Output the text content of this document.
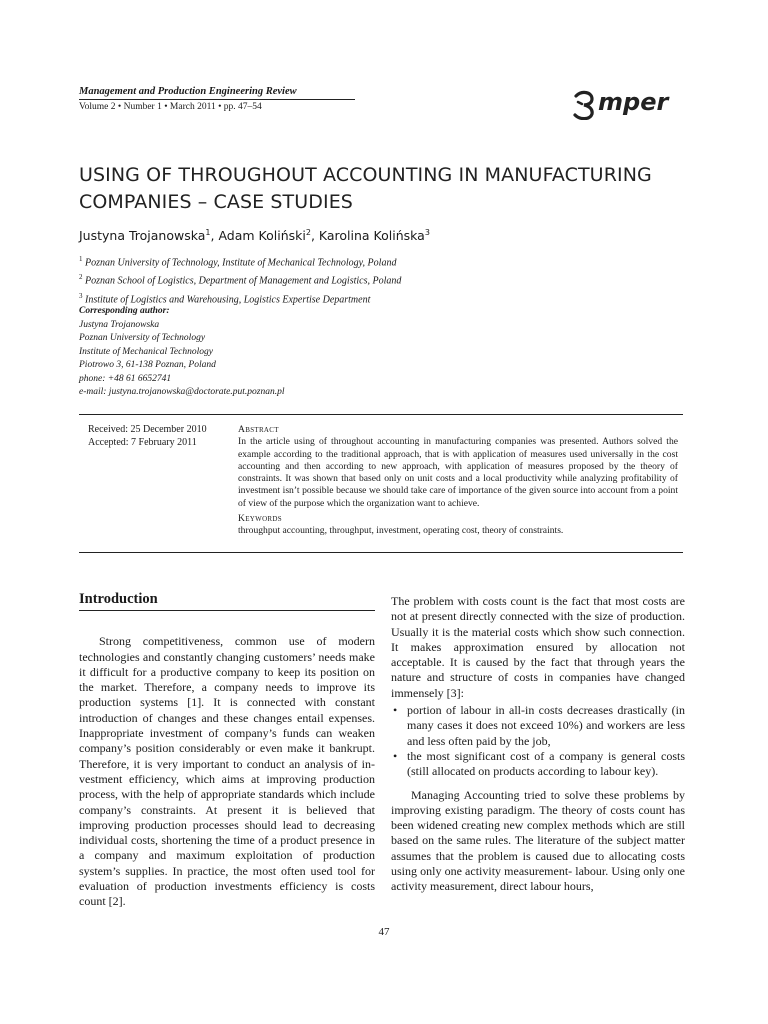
Management and Production Engineering Review
Volume 2 • Number 1 • March 2011 • pp. 47–54	mper
USING OF THROUGHOUT ACCOUNTING IN MANUFACTURING COMPANIES – CASE STUDIES
Justyna Trojanowska$^1$, Adam Koliński$^2$, Karolina Kolińska$^3$
$^1$ Poznan University of Technology, Institute of Mechanical Technology, Poland
$^2$ Poznan School of Logistics, Department of Management and Logistics, Poland
$^3$ Institute of Logistics and Warehousing, Logistics Expertise Department
Corresponding author:
Justyna Trojanowska
Poznan University of Technology
Institute of Mechanical Technology
Piotrowo 3, 61-138 Poznan, Poland
phone: +48 61 6652741
e-mail: justyna.trojanowska@doctorate.put.poznan.pl
Received: 25 December 2010
Accepted: 7 February 2011
Abstract
In the article using of throughout accounting in manufacturing companies was presented. Authors solved the example according to the traditional approach, that is with application of measures used universally in the cost accounting and then according to new approach, with application of measures proposed by the theory of constraints. It was shown that based only on unit costs and a local productivity while analyzing profitability of investment isn’t possible because we should take care of importance of the given source into account from a point of view of the purpose which the organization want to achieve.
Keywords
throughput accounting, throughput, investment, operating cost, theory of constraints.
Introduction

Strong competitiveness, common use of modern technologies and constantly changing customers’ needs make it difficult for a productive company to keep its position on the market. Therefore, a company needs to improve its production systems [1]. It is connected with constant introduction of changes and these changes entail expenses. Inappropriate investment of company’s funds can weaken company’s position considerably or even make it bankrupt. Therefore, it is very important to conduct an analysis of investment efficiency, which aims at improving production process, with the help of appropriate standards which include company’s constraints. At present it is believed that improving production processes should lead to decreasing individual costs, shortening the time of a product presence in a company and maximum exploitation of production system’s supplies. In practice, the most often used tool for evaluation of production investments efficiency is costs count [2].

The problem with costs count is the fact that most costs are not at present directly connected with the size of production. Usually it is the material costs which show such connection. It makes approximation ensured by allocation not acceptable. It is caused by the fact that through years the nature and structure of costs in companies have changed immensely [3]:

• portion of labour in all-in costs decreases drastically (in many cases it does not exceed 10%) and workers are less and less often paid by the job,
• the most significant cost of a company is general costs (still allocated on products according to labour key).

Managing Accounting tried to solve these problems by improving existing paradigm. The theory of costs count has been widened creating new complex methods which are still based on the same rules. The literature of the subject matter assumes that the problem is caused due to allocating costs using only one activity measurement- labour. Using only one activity measurement, direct labour hours,

47
